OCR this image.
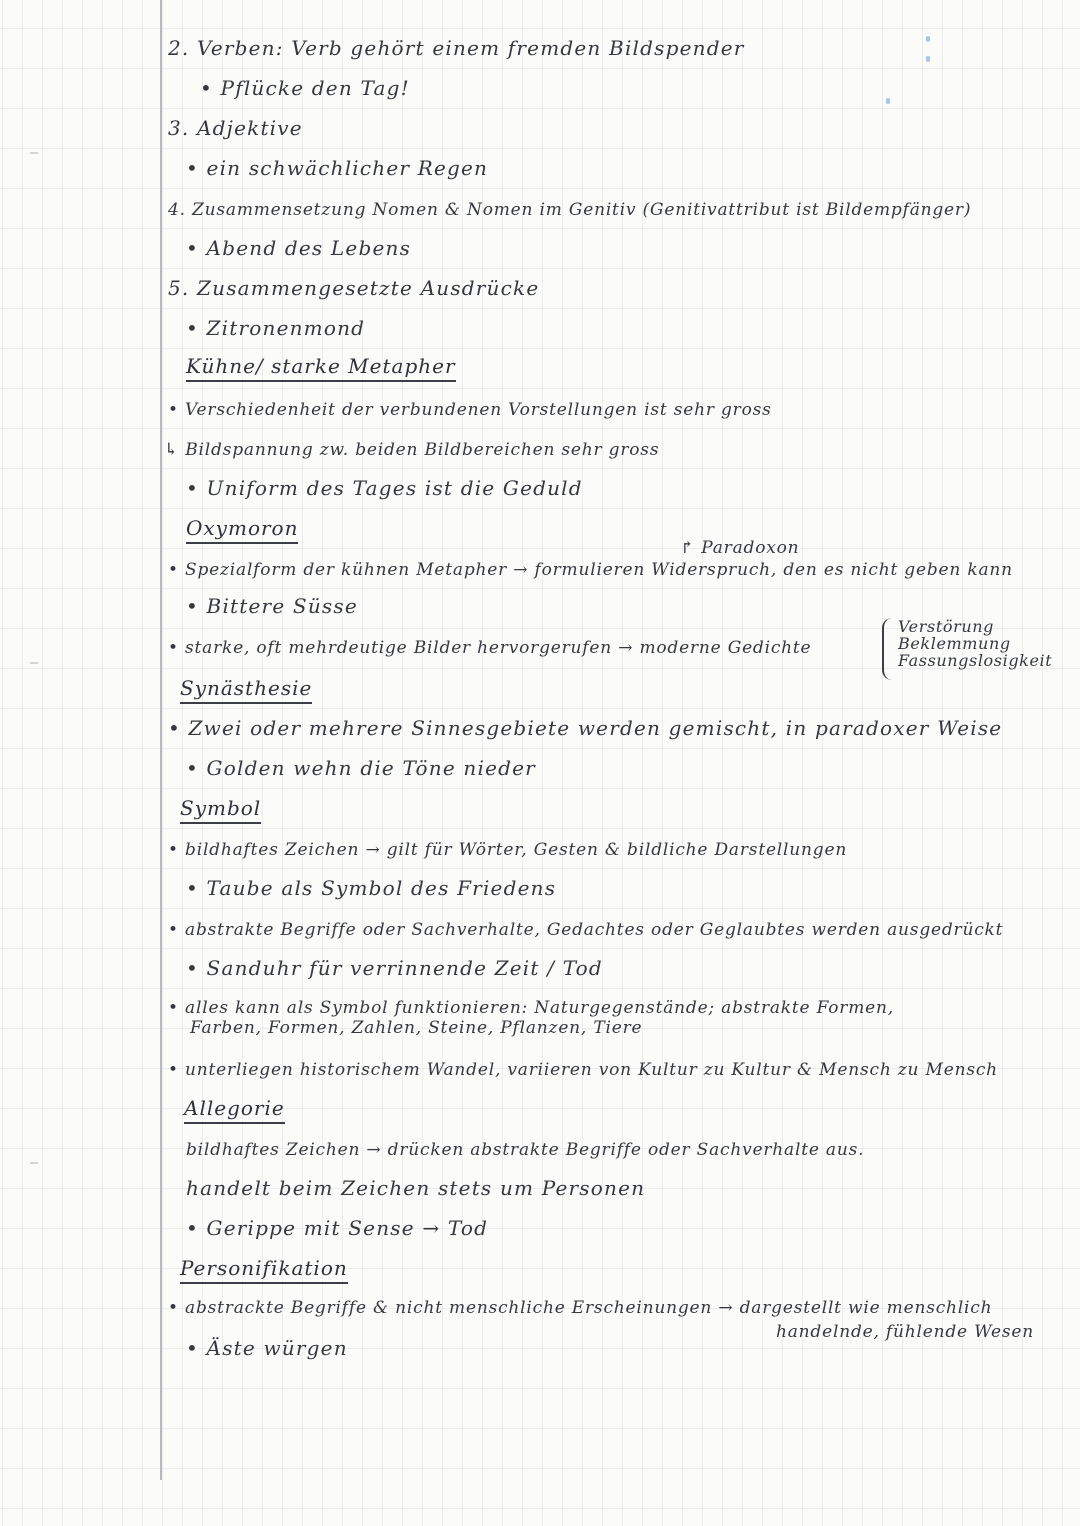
2. Verben: Verb gehört einem fremden Bildspender
• Pflücke den Tag!
3. Adjektive
• ein schwächlicher Regen
4. Zusammensetzung Nomen & Nomen im Genitiv (Genitivattribut ist Bildempfänger)
• Abend des Lebens
5. Zusammengesetzte Ausdrücke
• Zitronenmond
Kühne/ starke Metapher
• Verschiedenheit der verbundenen Vorstellungen ist sehr gross
↳ Bildspannung zw. beiden Bildbereichen sehr gross
• Uniform des Tages ist die Geduld
Oxymoron
↱ Paradoxon
• Spezialform der kühnen Metapher → formulieren Widerspruch, den es nicht geben kann
• Bittere Süsse
• starke, oft mehrdeutige Bilder hervorgerufen → moderne Gedichte
Verstörung
Beklemmung
Fassungslosigkeit
Synästhesie
• Zwei oder mehrere Sinnesgebiete werden gemischt, in paradoxer Weise
• Golden wehn die Töne nieder
Symbol
• bildhaftes Zeichen → gilt für Wörter, Gesten & bildliche Darstellungen
• Taube als Symbol des Friedens
• abstrakte Begriffe oder Sachverhalte, Gedachtes oder Geglaubtes werden ausgedrückt
• Sanduhr für verrinnende Zeit / Tod
• alles kann als Symbol funktionieren: Naturgegenstände; abstrakte Formen,
Farben, Formen, Zahlen, Steine, Pflanzen, Tiere
• unterliegen historischem Wandel, variieren von Kultur zu Kultur & Mensch zu Mensch
Allegorie
bildhaftes Zeichen → drücken abstrakte Begriffe oder Sachverhalte aus.
handelt beim Zeichen stets um Personen
• Gerippe mit Sense → Tod
Personifikation
• abstrackte Begriffe & nicht menschliche Erscheinungen → dargestellt wie menschlich
handelnde, fühlende Wesen
• Äste würgen
